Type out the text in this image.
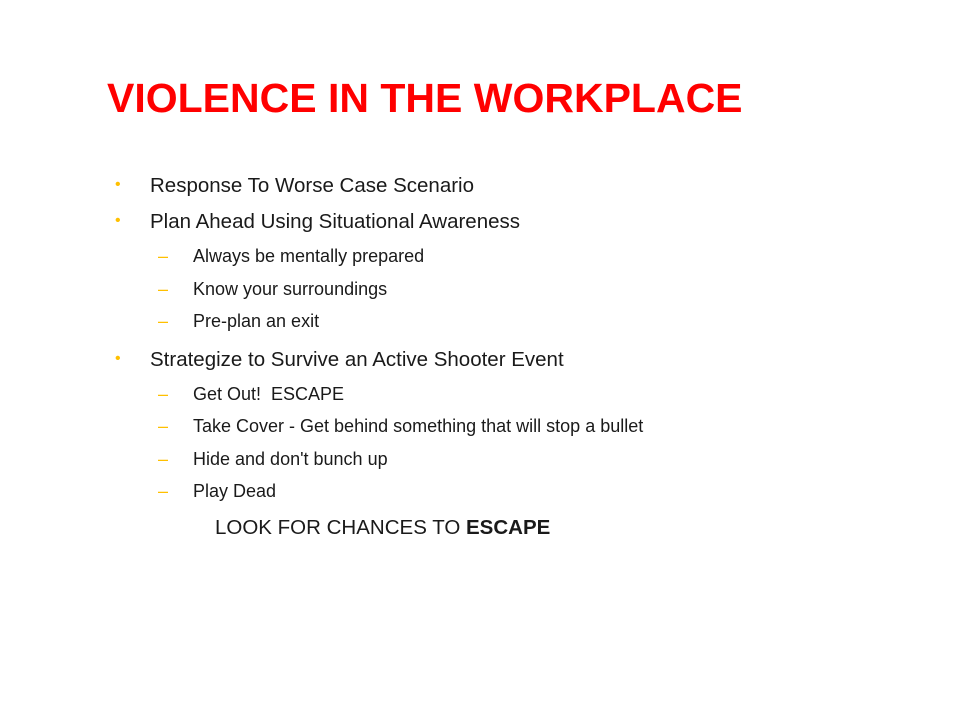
VIOLENCE IN THE WORKPLACE
• Response To Worse Case Scenario
• Plan Ahead Using Situational Awareness
– Always be mentally prepared
– Know your surroundings
– Pre-plan an exit
• Strategize to Survive an Active Shooter Event
– Get Out!  ESCAPE
– Take Cover - Get behind something that will stop a bullet
– Hide and don't bunch up
– Play Dead
LOOK FOR CHANCES TO ESCAPE
